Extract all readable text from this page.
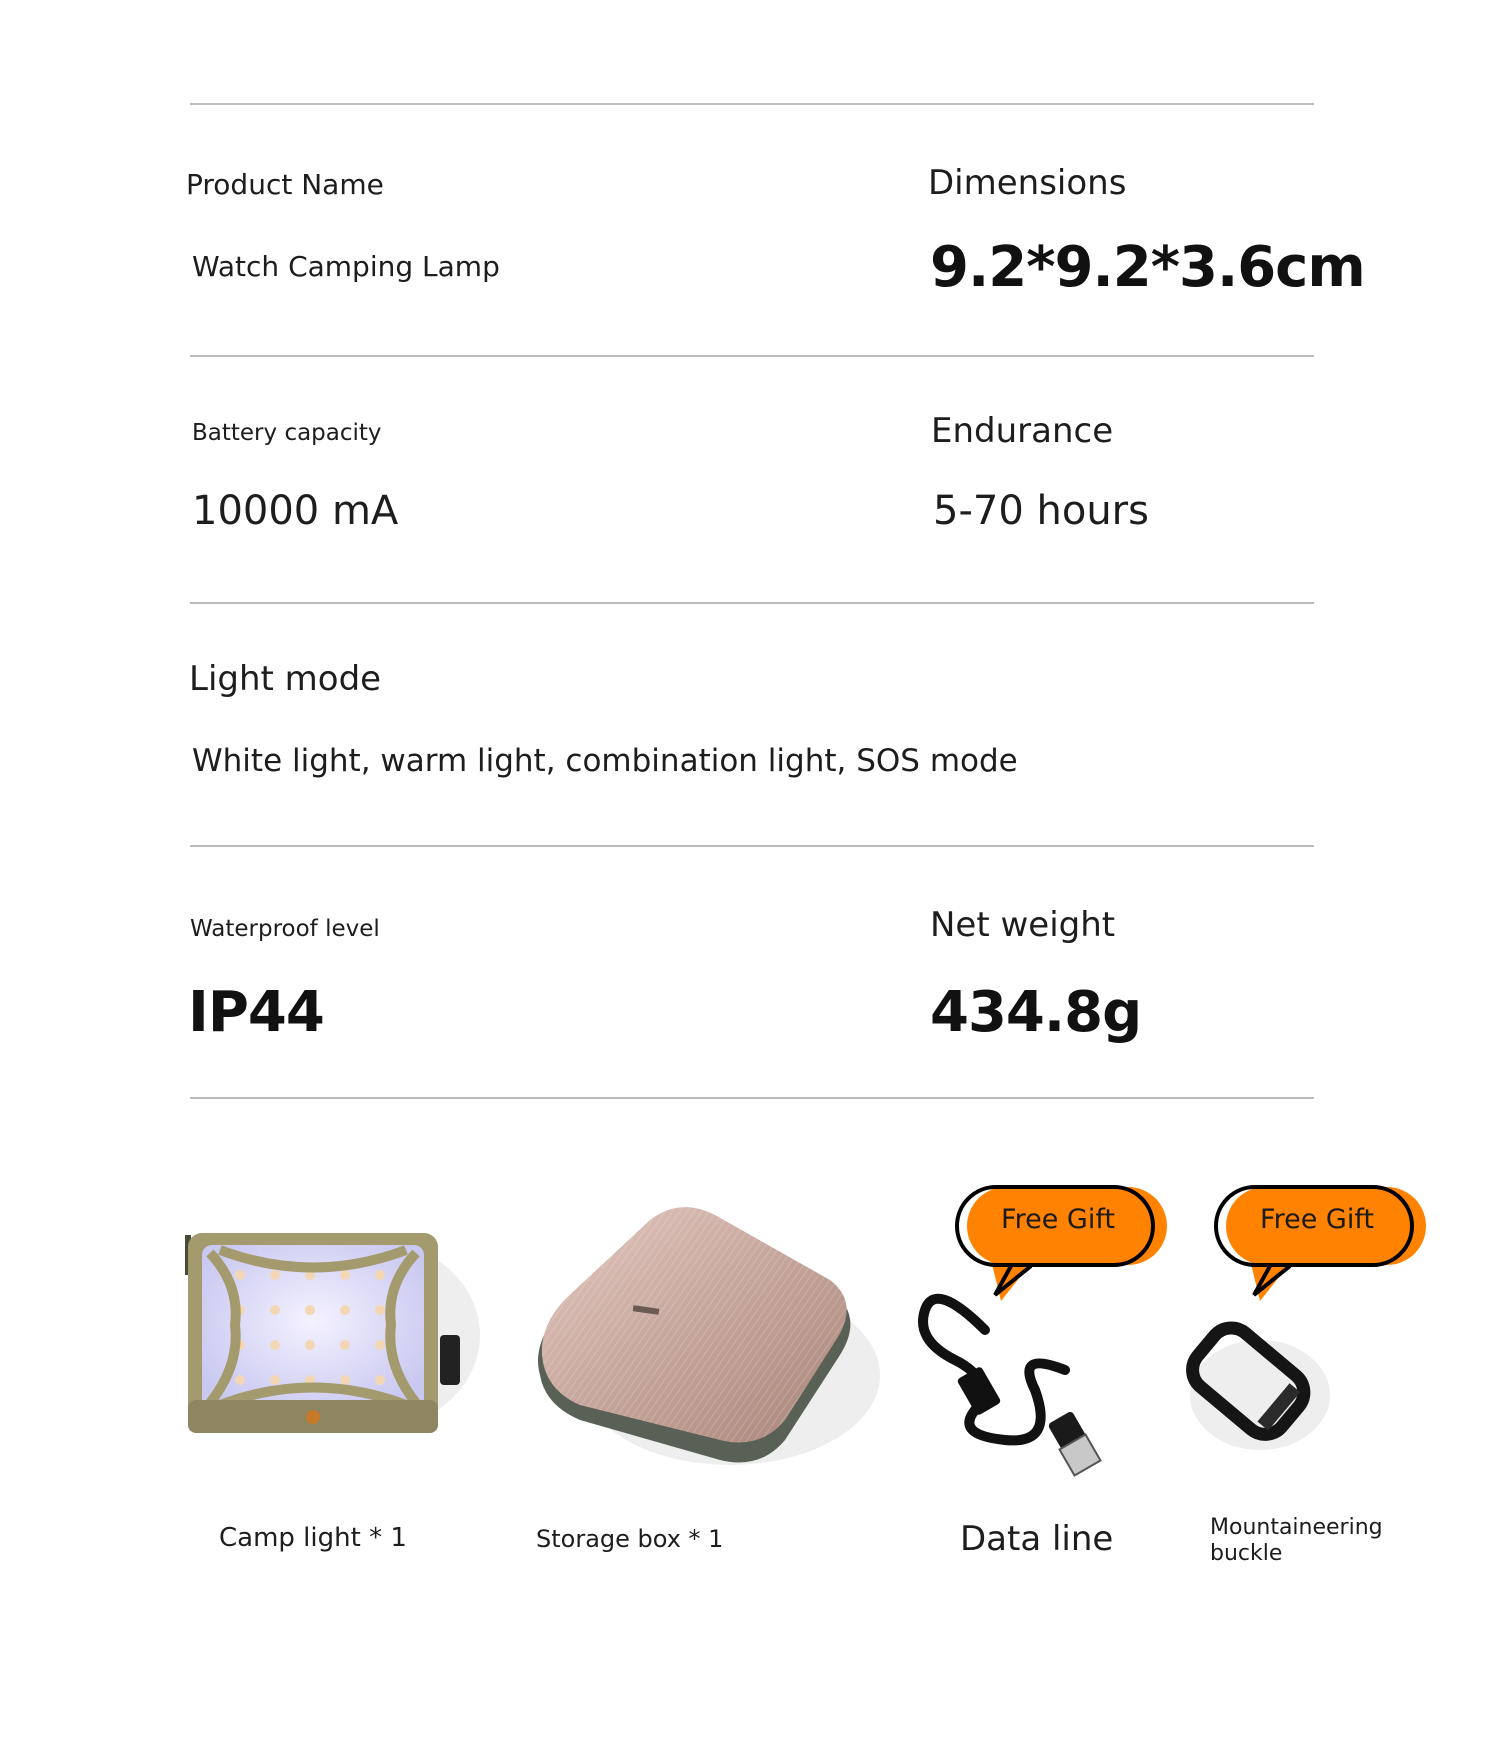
Product Name
Watch Camping Lamp
Dimensions
9.2*9.2*3.6cm
Battery capacity
10000 mA
Endurance
5-70 hours
Light mode
White light, warm light, combination light, SOS mode
Waterproof level
IP44
Net weight
434.8g
Camp light * 1	Storage box * 1
Free Gift
Data line
Free Gift
Mountaineering buckle
